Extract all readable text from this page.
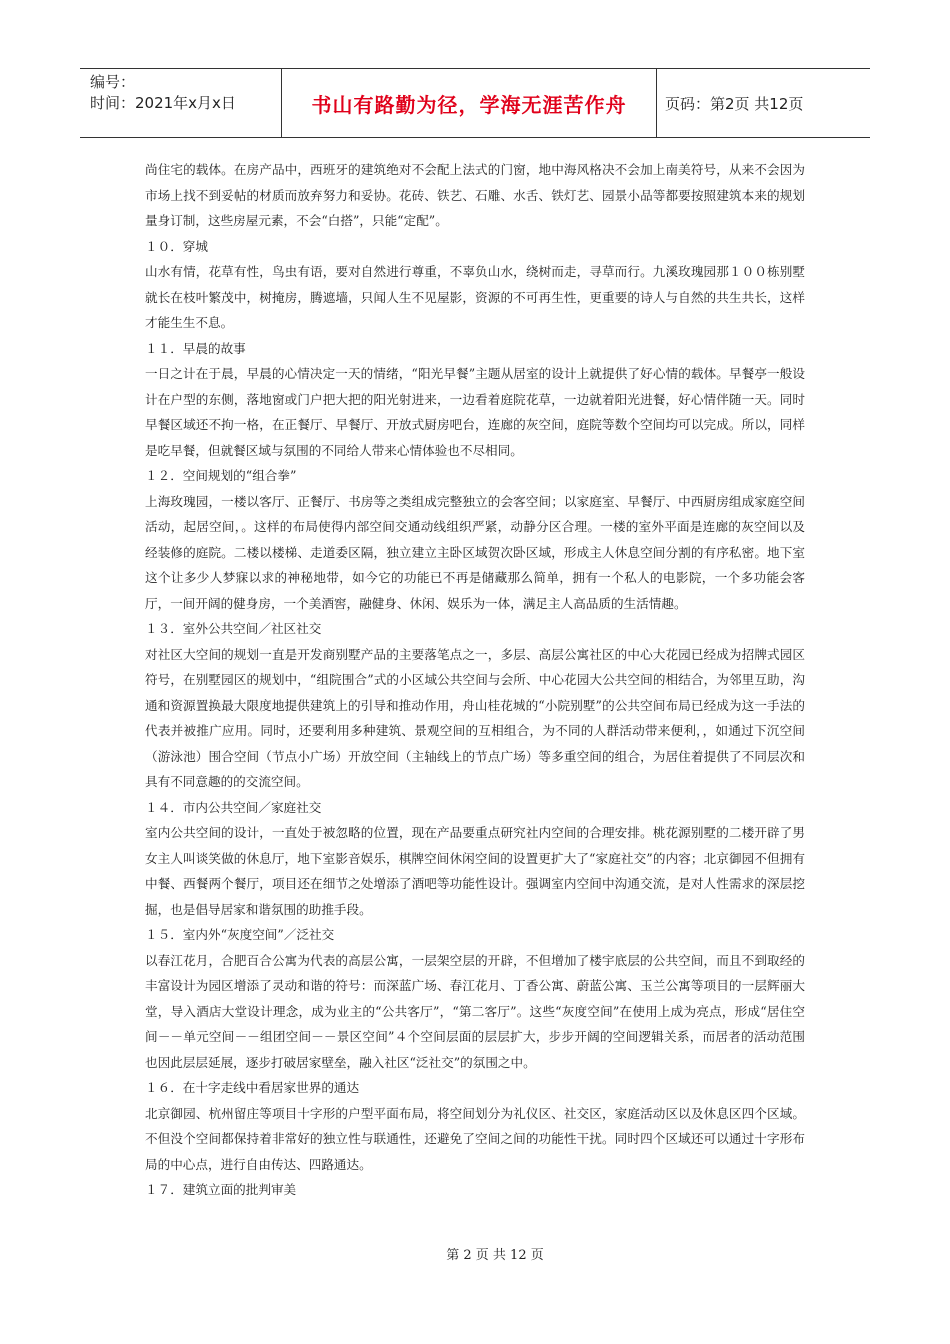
编号：
时间：2021年x月x日	书山有路勤为径，学海无涯苦作舟	页码：第2页 共12页

尚住宅的载体。在房产品中，西班牙的建筑绝对不会配上法式的门窗，地中海风格决不会加上南美符号，从来不会因为市场上找不到妥帖的材质而放弃努力和妥协。花砖、铁艺、石雕、水舌、铁灯艺、园景小品等都要按照建筑本来的规划量身订制，这些房屋元素，不会“白搭”，只能“定配”。

１０．穿城

山水有情，花草有性，鸟虫有语，要对自然进行尊重，不辜负山水，绕树而走，寻草而行。九溪玫瑰园那１００栋别墅就长在枝叶繁茂中，树掩房，腾遮墙，只闻人生不见屋影，资源的不可再生性，更重要的诗人与自然的共生共长，这样才能生生不息。

１１．早晨的故事

一日之计在于晨，早晨的心情决定一天的情绪，“阳光早餐”主题从居室的设计上就提供了好心情的载体。早餐亭一般设计在户型的东侧，落地窗或门户把大把的阳光射进来，一边看着庭院花草，一边就着阳光进餐，好心情伴随一天。同时早餐区域还不拘一格，在正餐厅、早餐厅、开放式厨房吧台，连廊的灰空间，庭院等数个空间均可以完成。所以，同样是吃早餐，但就餐区域与氛围的不同给人带来心情体验也不尽相同。

１２．空间规划的“组合拳”

上海玫瑰园，一楼以客厅、正餐厅、书房等之类组成完整独立的会客空间；以家庭室、早餐厅、中西厨房组成家庭空间活动，起居空间，。这样的布局使得内部空间交通动线组织严紧，动静分区合理。一楼的室外平面是连廊的灰空间以及经装修的庭院。二楼以楼梯、走道委区隔，独立建立主卧区域贺次卧区域，形成主人休息空间分割的有序私密。地下室这个让多少人梦寐以求的神秘地带，如今它的功能已不再是储藏那么简单，拥有一个私人的电影院，一个多功能会客厅，一间开阔的健身房，一个美酒窖，融健身、休闲、娱乐为一体，满足主人高品质的生活情趣。

１３．室外公共空间／社区社交

对社区大空间的规划一直是开发商别墅产品的主要落笔点之一，多层、高层公寓社区的中心大花园已经成为招牌式园区符号，在别墅园区的规划中，“组院围合”式的小区域公共空间与会所、中心花园大公共空间的相结合，为邻里互助，沟通和资源置换最大限度地提供建筑上的引导和推动作用，舟山桂花城的“小院别墅”的公共空间布局已经成为这一手法的代表并被推广应用。同时，还要利用多种建筑、景观空间的互相组合，为不同的人群活动带来便利，，如通过下沉空间（游泳池）围合空间（节点小广场）开放空间（主轴线上的节点广场）等多重空间的组合，为居住着提供了不同层次和具有不同意趣的的交流空间。

１４．市内公共空间／家庭社交

室内公共空间的设计，一直处于被忽略的位置，现在产品要重点研究社内空间的合理安排。桃花源别墅的二楼开辟了男女主人叫谈笑做的休息厅，地下室影音娱乐，棋牌空间休闲空间的设置更扩大了“家庭社交”的内容；北京御园不但拥有中餐、西餐两个餐厅，项目还在细节之处增添了酒吧等功能性设计。强调室内空间中沟通交流，是对人性需求的深层挖掘，也是倡导居家和谐氛围的助推手段。

１５．室内外“灰度空间”／泛社交

以春江花月，合肥百合公寓为代表的高层公寓，一层架空层的开辟，不但增加了楼宇底层的公共空间，而且不到取经的丰富设计为园区增添了灵动和谐的符号：而深蓝广场、春江花月、丁香公寓、蔚蓝公寓、玉兰公寓等项目的一层辉丽大堂，导入酒店大堂设计理念，成为业主的“公共客厅”，“第二客厅”。这些“灰度空间”在使用上成为亮点，形成“居住空间－－单元空间－－组团空间－－景区空间”４个空间层面的层层扩大，步步开阔的空间逻辑关系，而居者的活动范围也因此层层延展，逐步打破居家壁垒，融入社区“泛社交”的氛围之中。

１６．在十字走线中看居家世界的通达

北京御园、杭州留庄等项目十字形的户型平面布局，将空间划分为礼仪区、社交区，家庭活动区以及休息区四个区域。不但没个空间都保持着非常好的独立性与联通性，还避免了空间之间的功能性干扰。同时四个区域还可以通过十字形布局的中心点，进行自由传达、四路通达。

１７．建筑立面的批判审美

第 2 页 共 12 页
